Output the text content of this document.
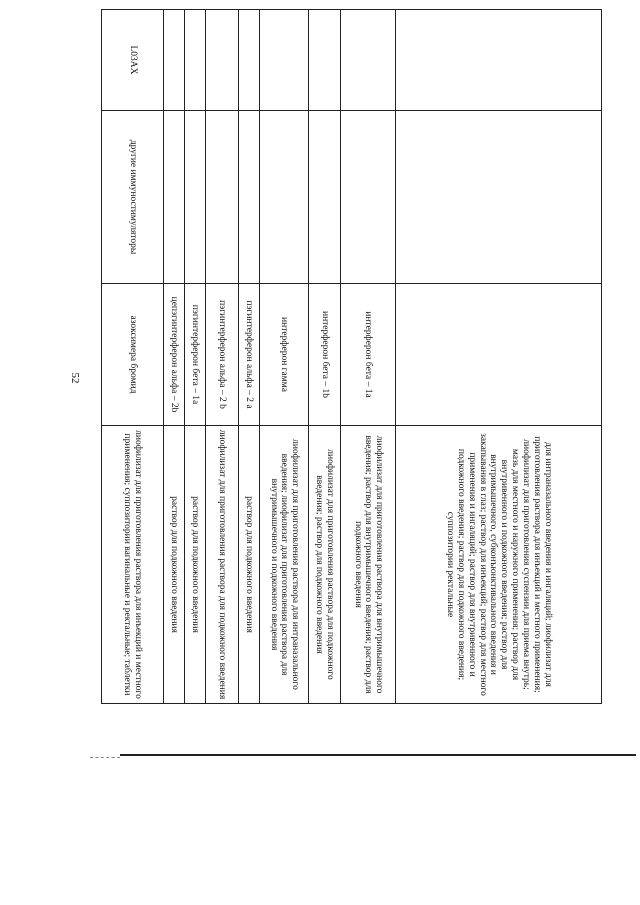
52
			для интраназального введения и ингаляций; лиофилизат для приготовления раствора для инъекций и местного применения; лиофилизат для приготовления суспензии для приема внутрь; мазь для местного и наружного применения; раствор для внутривенного и подкожного введения; раствор для внутримышечного, субконъюнктивального введения и закапывания в глаз; раствор для инъекций; раствор для местного применения и ингаляций; раствор для внутривенного и подкожного введения; раствор для подкожного введения; суппозитории ректальные
		интерферон бета – 1a	лиофилизат для приготовления раствора для внутримышечного введения; раствор для внутримышечного введения; раствор для подкожного введения
		интерферон бета – 1b	лиофилизат для приготовления раствора для подкожного введения; раствор для подкожного введения
		интерферон гамма	лиофилизат для приготовления раствора для интраназального введения; лиофилизат для приготовления раствора для внутримышечного и подкожного введения
		пэгинтерферон альфа – 2 a	раствор для подкожного введения
		пэгинтерферон альфа – 2 b	лиофилизат для приготовления раствора для подкожного введения
		пэгинтерферон бета – 1a	раствор для подкожного введения
		цепэгинтерферон альфа – 2b	раствор для подкожного введения
L03AX	другие иммуностимуляторы	азоксимера бромид	лиофилизат для приготовления раствора для инъекций и местного применения; суппозитории вагинальные и ректальные; таблетки
